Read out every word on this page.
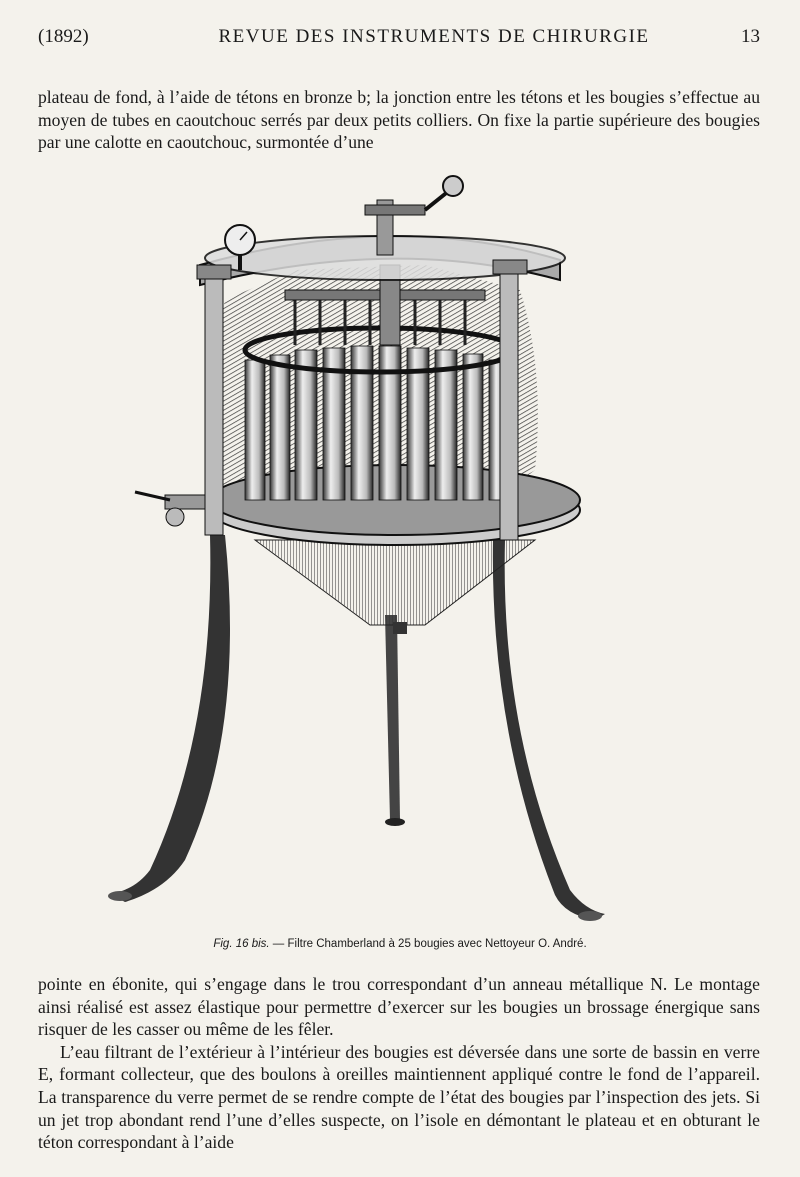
(1892)	REVUE DES INSTRUMENTS DE CHIRURGIE	13

plateau de fond, à l’aide de tétons en bronze b; la jonction entre les tétons et les bougies s’effectue au moyen de tubes en caoutchouc serrés par deux petits colliers. On fixe la partie supérieure des bougies par une calotte en caoutchouc, surmontée d’une

Fig. 16 bis. — Filtre Chamberland à 25 bougies avec Nettoyeur O. André.

pointe en ébonite, qui s’engage dans le trou correspondant d’un anneau métallique N. Le montage ainsi réalisé est assez élastique pour permettre d’exercer sur les bougies un brossage énergique sans risquer de les casser ou même de les fêler.

L’eau filtrant de l’extérieur à l’intérieur des bougies est déversée dans une sorte de bassin en verre E, formant collecteur, que des boulons à oreilles maintiennent appliqué contre le fond de l’appareil. La transparence du verre permet de se rendre compte de l’état des bougies par l’inspection des jets. Si un jet trop abondant rend l’une d’elles suspecte, on l’isole en démontant le plateau et en obturant le téton correspondant à l’aide
